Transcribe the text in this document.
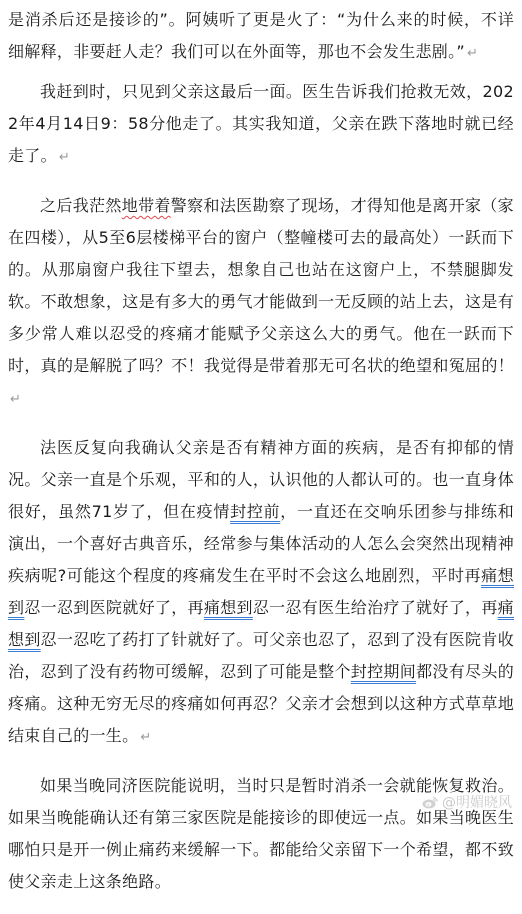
是消杀后还是接诊的”。阿姨听了更是火了：“为什么来的时候，不详细解释，非要赶人走？我们可以在外面等，那也不会发生悲剧。” ↵

我赶到时，只见到父亲这最后一面。医生告诉我们抢救无效，2022年4月14日9：58分他走了。其实我知道，父亲在跌下落地时就已经走了。 ↵

之后我茫然地带着警察和法医勘察了现场，才得知他是离开家（家在四楼），从5至6层楼梯平台的窗户（整幢楼可去的最高处）一跃而下的。从那扇窗户我往下望去，想象自己也站在这窗户上，不禁腿脚发软。不敢想象，这是有多大的勇气才能做到一无反顾的站上去，这是有多少常人难以忍受的疼痛才能赋予父亲这么大的勇气。他在一跃而下时，真的是解脱了吗？不！我觉得是带着那无可名状的绝望和冤屈的！↵

法医反复向我确认父亲是否有精神方面的疾病，是否有抑郁的情况。父亲一直是个乐观，平和的人，认识他的人都认可的。也一直身体很好，虽然71岁了，但在疫情封控前，一直还在交响乐团参与排练和演出，一个喜好古典音乐，经常参与集体活动的人怎么会突然出现精神疾病呢?可能这个程度的疼痛发生在平时不会这么地剧烈，平时再痛想到忍一忍到医院就好了，再痛想到忍一忍有医生给治疗了就好了，再痛想到忍一忍吃了药打了针就好了。可父亲也忍了，忍到了没有医院肯收治，忍到了没有药物可缓解，忍到了可能是整个封控期间都没有尽头的疼痛。这种无穷无尽的疼痛如何再忍？父亲才会想到以这种方式草草地结束自己的一生。 ↵

如果当晚同济医院能说明，当时只是暂时消杀一会就能恢复救治。如果当晚能确认还有第三家医院是能接诊的即使远一点。如果当晚医生哪怕只是开一例止痛药来缓解一下。都能给父亲留下一个希望，都不致使父亲走上这条绝路。

@明媚晓风
